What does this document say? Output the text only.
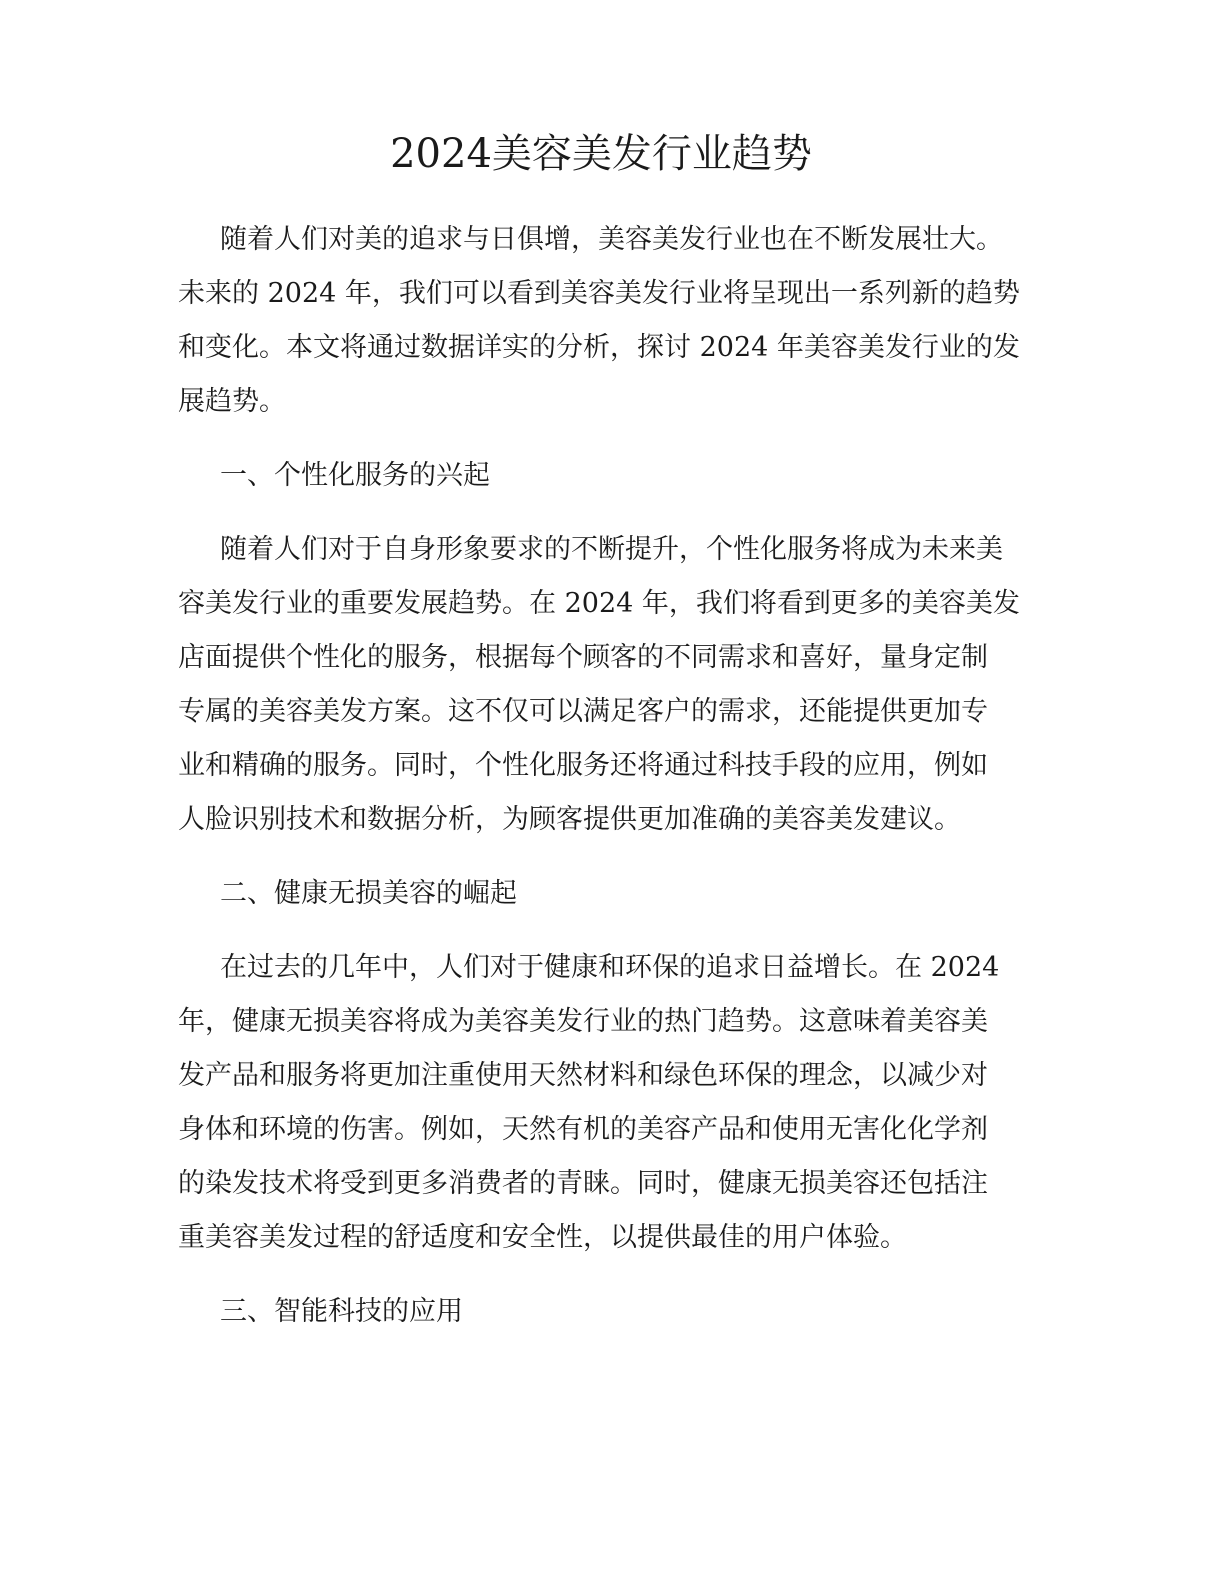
2024美容美发行业趋势

随着人们对美的追求与日俱增，美容美发行业也在不断发展壮大。

未来的 2024 年，我们可以看到美容美发行业将呈现出一系列新的趋势

和变化。本文将通过数据详实的分析，探讨 2024 年美容美发行业的发

展趋势。

一、个性化服务的兴起

随着人们对于自身形象要求的不断提升，个性化服务将成为未来美

容美发行业的重要发展趋势。在 2024 年，我们将看到更多的美容美发

店面提供个性化的服务，根据每个顾客的不同需求和喜好，量身定制

专属的美容美发方案。这不仅可以满足客户的需求，还能提供更加专

业和精确的服务。同时，个性化服务还将通过科技手段的应用，例如

人脸识别技术和数据分析，为顾客提供更加准确的美容美发建议。

二、健康无损美容的崛起

在过去的几年中，人们对于健康和环保的追求日益增长。在 2024

年，健康无损美容将成为美容美发行业的热门趋势。这意味着美容美

发产品和服务将更加注重使用天然材料和绿色环保的理念，以减少对

身体和环境的伤害。例如，天然有机的美容产品和使用无害化化学剂

的染发技术将受到更多消费者的青睐。同时，健康无损美容还包括注

重美容美发过程的舒适度和安全性，以提供最佳的用户体验。

三、智能科技的应用
